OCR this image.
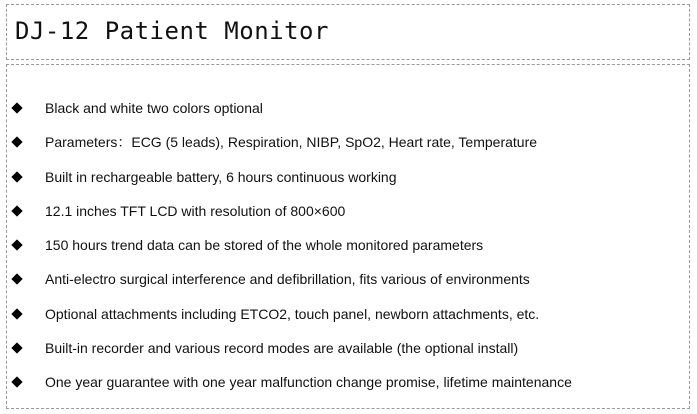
DJ-12 Patient Monitor
Black and white two colors optional
Parameters：ECG (5 leads), Respiration, NIBP, SpO2, Heart rate, Temperature
Built in rechargeable battery, 6 hours continuous working
12.1 inches TFT LCD with resolution of 800×600
150 hours trend data can be stored of the whole monitored parameters
Anti-electro surgical interference and defibrillation, fits various of environments
Optional attachments including ETCO2, touch panel, newborn attachments, etc.
Built-in recorder and various record modes are available (the optional install)
One year guarantee with one year malfunction change promise, lifetime maintenance
